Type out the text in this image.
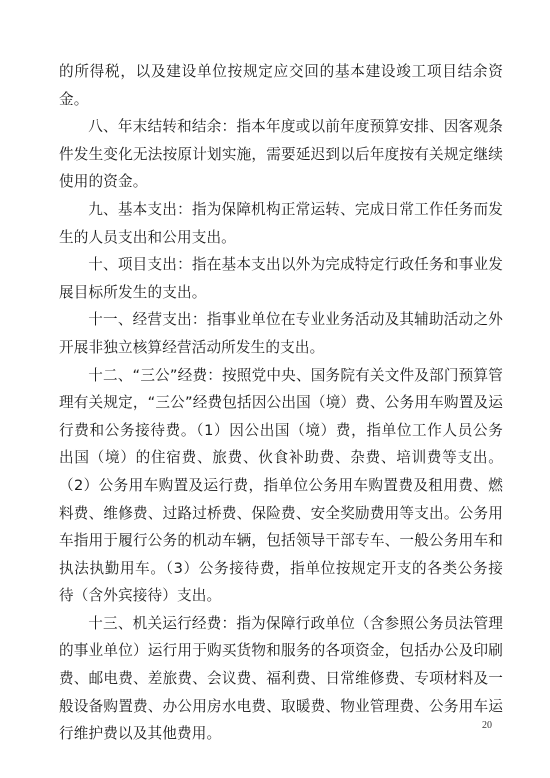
的所得税，以及建设单位按规定应交回的基本建设竣工项目结余资金。

八、年末结转和结余：指本年度或以前年度预算安排、因客观条件发生变化无法按原计划实施，需要延迟到以后年度按有关规定继续使用的资金。

九、基本支出：指为保障机构正常运转、完成日常工作任务而发生的人员支出和公用支出。

十、项目支出：指在基本支出以外为完成特定行政任务和事业发展目标所发生的支出。

十一、经营支出：指事业单位在专业业务活动及其辅助活动之外开展非独立核算经营活动所发生的支出。

十二、“三公”经费：按照党中央、国务院有关文件及部门预算管理有关规定，“三公”经费包括因公出国（境）费、公务用车购置及运行费和公务接待费。（1）因公出国（境）费，指单位工作人员公务出国（境）的住宿费、旅费、伙食补助费、杂费、培训费等支出。（2）公务用车购置及运行费，指单位公务用车购置费及租用费、燃料费、维修费、过路过桥费、保险费、安全奖励费用等支出。公务用车指用于履行公务的机动车辆，包括领导干部专车、一般公务用车和执法执勤用车。（3）公务接待费，指单位按规定开支的各类公务接待（含外宾接待）支出。

十三、机关运行经费：指为保障行政单位（含参照公务员法管理的事业单位）运行用于购买货物和服务的各项资金，包括办公及印刷费、邮电费、差旅费、会议费、福利费、日常维修费、专项材料及一般设备购置费、办公用房水电费、取暖费、物业管理费、公务用车运行维护费以及其他费用。	20
